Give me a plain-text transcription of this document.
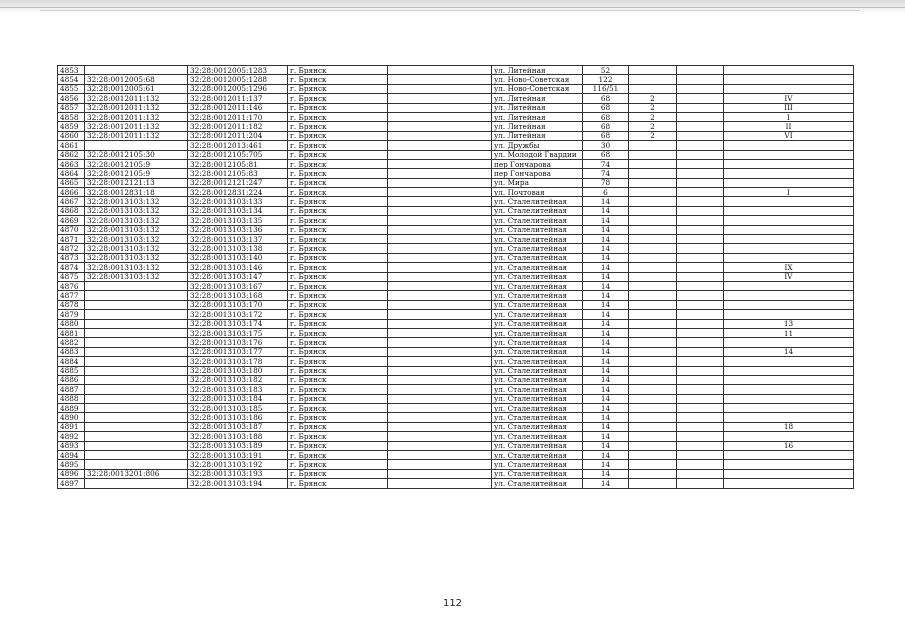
4853		32:28:0012005:1283	г. Брянск		ул. Литейная	52			
4854	32:28:0012005:68	32:28:0012005:1288	г. Брянск		ул. Ново-Советская	122			
4855	32:28:0012005:61	32:28:0012005:1296	г. Брянск		ул. Ново-Советская	116/51			
4856	32:28:0012011:132	32:28:0012011:137	г. Брянск		ул. Литейная	68	2		IV
4857	32:28:0012011:132	32:28:0012011:146	г. Брянск		ул. Литейная	68	2		III
4858	32:28:0012011:132	32:28:0012011:170	г. Брянск		ул. Литейная	68	2		I
4859	32:28:0012011:132	32:28:0012011:182	г. Брянск		ул. Литейная	68	2		II
4860	32:28:0012011:132	32:28:0012011:204	г. Брянск		ул. Литейная	68	2		VI
4861		32:28:0012013:461	г. Брянск		ул. Дружбы	30			
4862	32:28:0012105:30	32:28:0012105:705	г. Брянск		ул. Молодой Гвардии	68			
4863	32:28:0012105:9	32:28:0012105:81	г. Брянск		пер Гончарова	74			
4864	32:28:0012105:9	32:28:0012105:83	г. Брянск		пер Гончарова	74			
4865	32:28:0012121:13	32:28:0012121:247	г. Брянск		ул. Мира	78			
4866	32:28:0012831:18	32:28:0012831:224	г. Брянск		ул. Почтовая	6			I
4867	32:28:0013103:132	32:28:0013103:133	г. Брянск		ул. Сталелитейная	14			
4868	32:28:0013103:132	32:28:0013103:134	г. Брянск		ул. Сталелитейная	14			
4869	32:28:0013103:132	32:28:0013103:135	г. Брянск		ул. Сталелитейная	14			
4870	32:28:0013103:132	32:28:0013103:136	г. Брянск		ул. Сталелитейная	14			
4871	32:28:0013103:132	32:28:0013103:137	г. Брянск		ул. Сталелитейная	14			
4872	32:28:0013103:132	32:28:0013103:138	г. Брянск		ул. Сталелитейная	14			
4873	32:28:0013103:132	32:28:0013103:140	г. Брянск		ул. Сталелитейная	14			
4874	32:28:0013103:132	32:28:0013103:146	г. Брянск		ул. Сталелитейная	14			IX
4875	32:28:0013103:132	32:28:0013103:147	г. Брянск		ул. Сталелитейная	14			IV
4876		32:28:0013103:167	г. Брянск		ул. Сталелитейная	14			
4877		32:28:0013103:168	г. Брянск		ул. Сталелитейная	14			
4878		32:28:0013103:170	г. Брянск		ул. Сталелитейная	14			
4879		32:28:0013103:172	г. Брянск		ул. Сталелитейная	14			
4880		32:28:0013103:174	г. Брянск		ул. Сталелитейная	14			13
4881		32:28:0013103:175	г. Брянск		ул. Сталелитейная	14			11
4882		32:28:0013103:176	г. Брянск		ул. Сталелитейная	14			
4883		32:28:0013103:177	г. Брянск		ул. Сталелитейная	14			14
4884		32:28:0013103:178	г. Брянск		ул. Сталелитейная	14			
4885		32:28:0013103:180	г. Брянск		ул. Сталелитейная	14			
4886		32:28:0013103:182	г. Брянск		ул. Сталелитейная	14			
4887		32:28:0013103:183	г. Брянск		ул. Сталелитейная	14			
4888		32:28:0013103:184	г. Брянск		ул. Сталелитейная	14			
4889		32:28:0013103:185	г. Брянск		ул. Сталелитейная	14			
4890		32:28:0013103:186	г. Брянск		ул. Сталелитейная	14			
4891		32:28:0013103:187	г. Брянск		ул. Сталелитейная	14			18
4892		32:28:0013103:188	г. Брянск		ул. Сталелитейная	14			
4893		32:28:0013103:189	г. Брянск		ул. Сталелитейная	14			16
4894		32:28:0013103:191	г. Брянск		ул. Сталелитейная	14			
4895		32:28:0013103:192	г. Брянск		ул. Сталелитейная	14			
4896	32:28:0013201:806	32:28:0013103:193	г. Брянск		ул. Сталелитейная	14			
4897		32:28:0013103:194	г. Брянск		ул. Сталелитейная	14			
112
